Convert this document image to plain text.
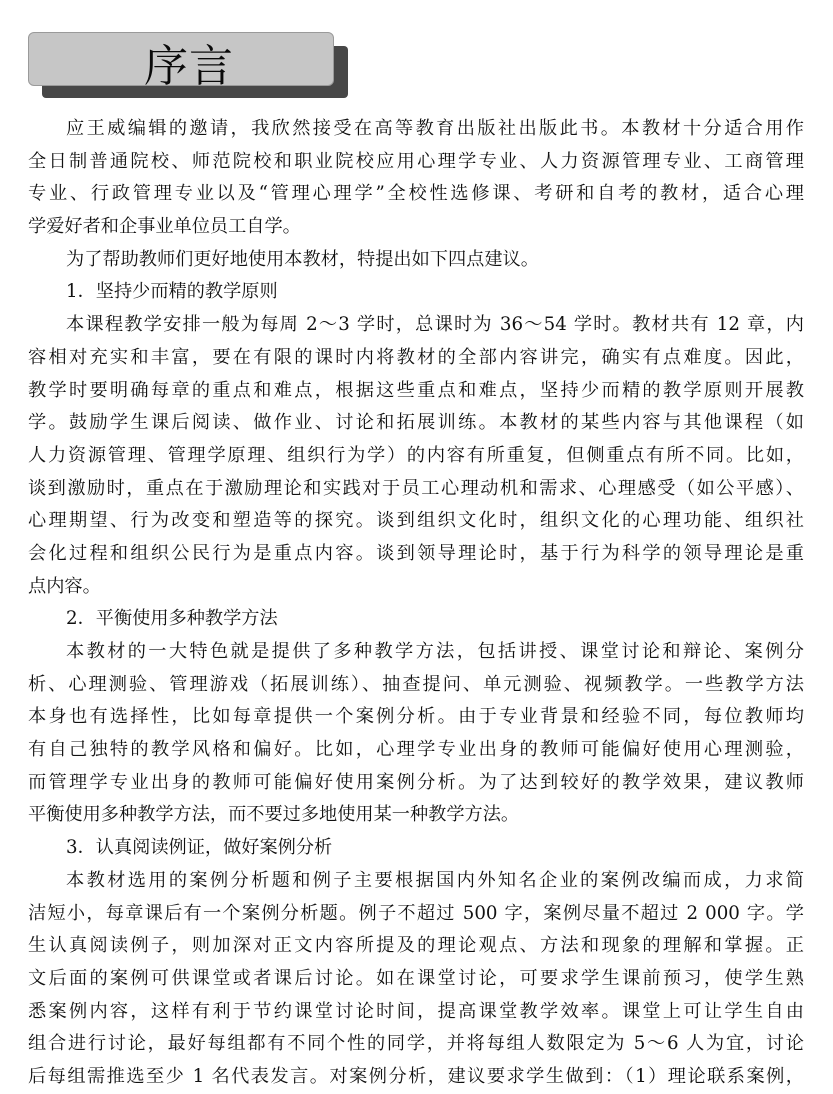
序言
应王威编辑的邀请，我欣然接受在高等教育出版社出版此书。本教材十分适合用作
全日制普通院校、师范院校和职业院校应用心理学专业、人力资源管理专业、工商管理
专业、行政管理专业以及“管理心理学”全校性选修课、考研和自考的教材，适合心理
学爱好者和企事业单位员工自学。
为了帮助教师们更好地使用本教材，特提出如下四点建议。
1．坚持少而精的教学原则
本课程教学安排一般为每周 2～3 学时，总课时为 36～54 学时。教材共有 12 章，内
容相对充实和丰富，要在有限的课时内将教材的全部内容讲完，确实有点难度。因此，
教学时要明确每章的重点和难点，根据这些重点和难点，坚持少而精的教学原则开展教
学。鼓励学生课后阅读、做作业、讨论和拓展训练。本教材的某些内容与其他课程（如
人力资源管理、管理学原理、组织行为学）的内容有所重复，但侧重点有所不同。比如，
谈到激励时，重点在于激励理论和实践对于员工心理动机和需求、心理感受（如公平感）、
心理期望、行为改变和塑造等的探究。谈到组织文化时，组织文化的心理功能、组织社
会化过程和组织公民行为是重点内容。谈到领导理论时，基于行为科学的领导理论是重
点内容。
2．平衡使用多种教学方法
本教材的一大特色就是提供了多种教学方法，包括讲授、课堂讨论和辩论、案例分
析、心理测验、管理游戏（拓展训练）、抽查提问、单元测验、视频教学。一些教学方法
本身也有选择性，比如每章提供一个案例分析。由于专业背景和经验不同，每位教师均
有自己独特的教学风格和偏好。比如，心理学专业出身的教师可能偏好使用心理测验，
而管理学专业出身的教师可能偏好使用案例分析。为了达到较好的教学效果，建议教师
平衡使用多种教学方法，而不要过多地使用某一种教学方法。
3．认真阅读例证，做好案例分析
本教材选用的案例分析题和例子主要根据国内外知名企业的案例改编而成，力求简
洁短小，每章课后有一个案例分析题。例子不超过 500 字，案例尽量不超过 2 000 字。学
生认真阅读例子，则加深对正文内容所提及的理论观点、方法和现象的理解和掌握。正
文后面的案例可供课堂或者课后讨论。如在课堂讨论，可要求学生课前预习，使学生熟
悉案例内容，这样有利于节约课堂讨论时间，提高课堂教学效率。课堂上可让学生自由
组合进行讨论，最好每组都有不同个性的同学，并将每组人数限定为 5～6 人为宜，讨论
后每组需推选至少 1 名代表发言。对案例分析，建议要求学生做到：（1）理论联系案例，
